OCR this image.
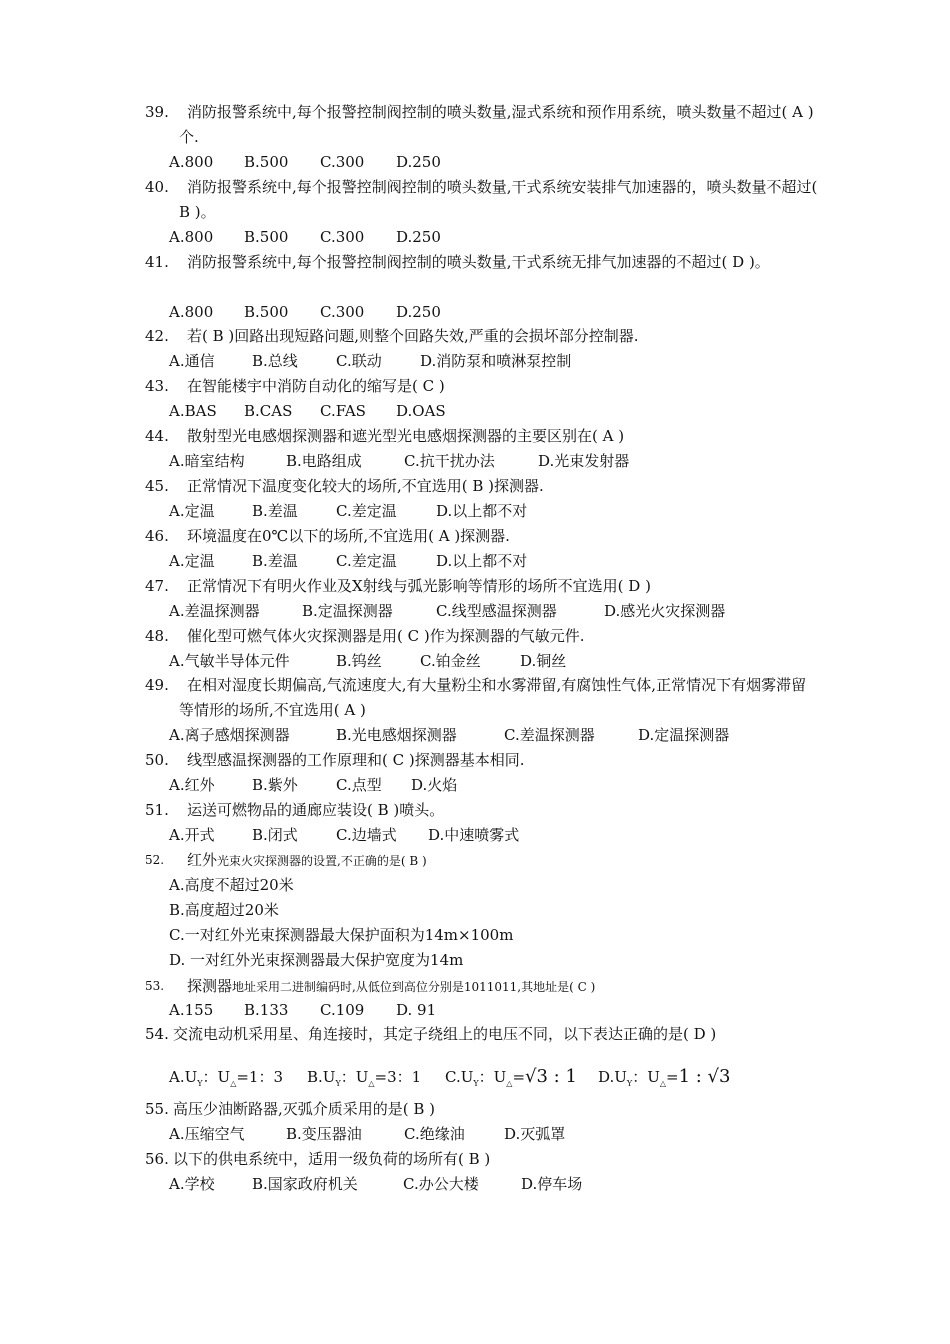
39.	消防报警系统中,每个报警控制阀控制的喷头数量,湿式系统和预作用系统，喷头数量不超过( A )个.
A.800 B.500 C.300 D.250
40.	消防报警系统中,每个报警控制阀控制的喷头数量,干式系统安装排气加速器的，喷头数量不超过( B )。
A.800 B.500 C.300 D.250
41.	消防报警系统中,每个报警控制阀控制的喷头数量,干式系统无排气加速器的不超过( D )。
A.800 B.500 C.300 D.250
42.	若( B )回路出现短路问题,则整个回路失效,严重的会损坏部分控制器.
A.通信 B.总线	C.联动	D.消防泵和喷淋泵控制
43.	在智能楼宇中消防自动化的缩写是( C )
A.BAS B.CAS C.FAS D.OAS
44.	散射型光电感烟探测器和遮光型光电感烟探测器的主要区别在( A )
A.暗室结构	B.电路组成	C.抗干扰办法	D.光束发射器
45.	正常情况下温度变化较大的场所,不宜选用( B )探测器.
A.定温 B.差温	C.差定温	D.以上都不对
46.	环境温度在0℃以下的场所,不宜选用( A )探测器.
A.定温 B.差温	C.差定温	D.以上都不对
47.	正常情况下有明火作业及X射线与弧光影响等情形的场所不宜选用( D )
A.差温探测器	B.定温探测器	C.线型感温探测器	D.感光火灾探测器
48.	催化型可燃气体火灾探测器是用( C )作为探测器的气敏元件.
A.气敏半导体元件	B.钨丝	C.铂金丝	D.铜丝
49.	在相对湿度长期偏高,气流速度大,有大量粉尘和水雾滞留,有腐蚀性气体,正常情况下有烟雾滞留等情形的场所,不宜选用( A )
A.离子感烟探测器	B.光电感烟探测器	C.差温探测器	D.定温探测器
50.	线型感温探测器的工作原理和( C )探测器基本相同.
A.红外 B.紫外	C.点型 D.火焰
51.	运送可燃物品的通廊应装设( B )喷头。
A.开式 B.闭式	C.边墙式 D.中速喷雾式
52.	红外光束火灾探测器的设置,不正确的是( B )
A.高度不超过20米
B.高度超过20米
C.一对红外光束探测器最大保护面积为14m×100m
D. 一对红外光束探测器最大保护宽度为14m
53.	探测器地址采用二进制编码时,从低位到高位分别是1011011,其地址是( C )
A.155 B.133 C.109 D. 91
54. 交流电动机采用星、角连接时，其定子绕组上的电压不同，以下表达正确的是( D )
$A.U_Y$：$U_\triangle=1$：3 $B.U_Y$：$U_\triangle=3$：1 $C.U_Y$：$U_\triangle=√3$ : 1 $D.U_Y$：$U_\triangle=1$ : √3
55. 高压少油断路器,灭弧介质采用的是( B )
A.压缩空气	B.变压器油	C.绝缘油	D.灭弧罩
56. 以下的供电系统中，适用一级负荷的场所有( B )
A.学校 B.国家政府机关	C.办公大楼	D.停车场
